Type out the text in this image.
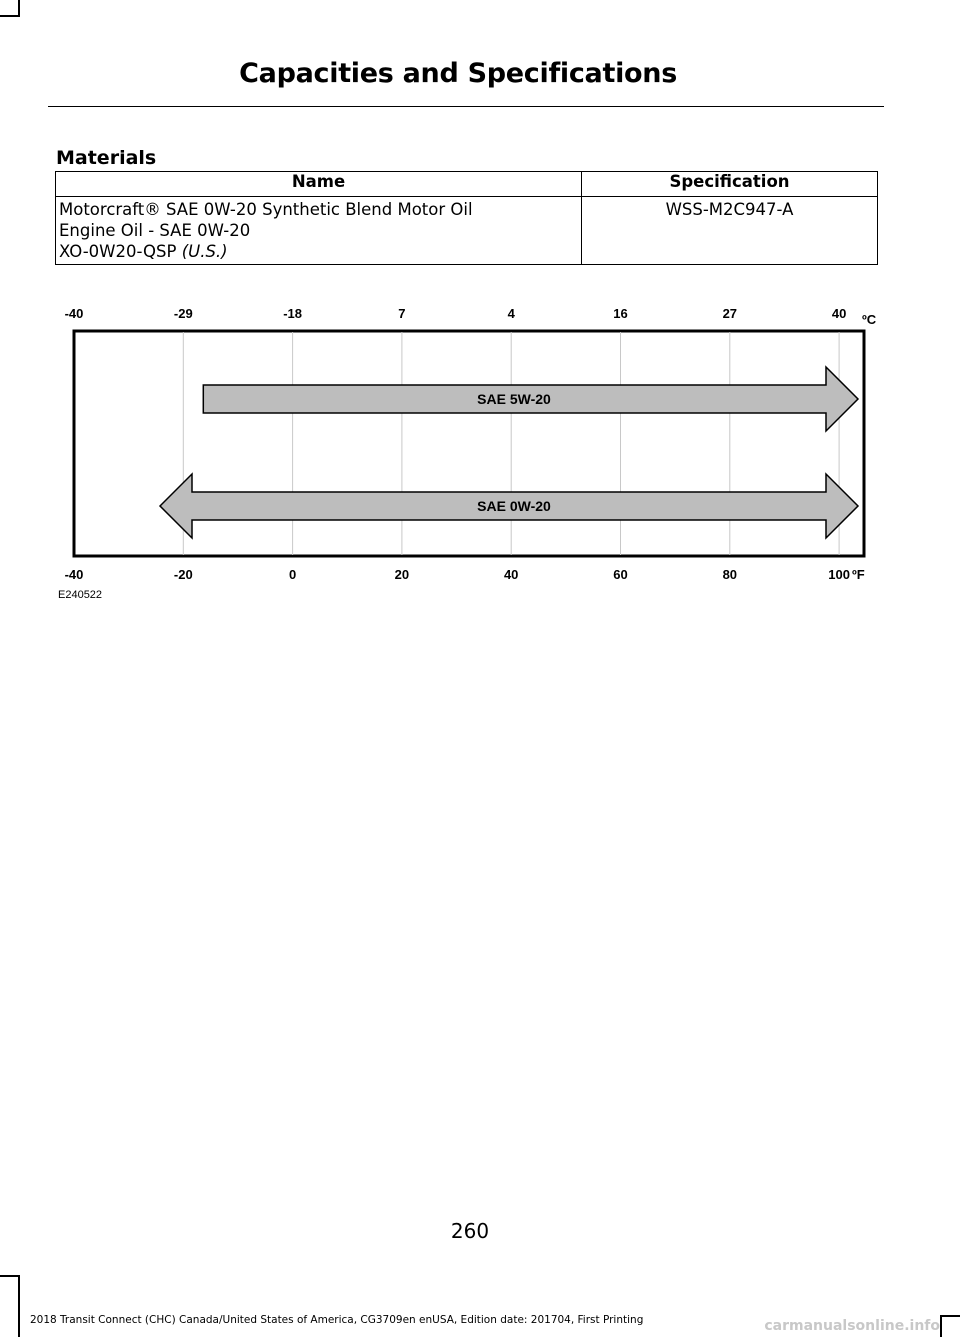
Capacities and Specifications
Materials
Name	Specification

Motorcraft® SAE 0W-20 Synthetic Blend Motor Oil
Engine Oil - SAE 0W-20
XO-0W20-QSP (U.S.)	WSS-M2C947-A
-40	-29	-18	7	4	16	27	40 ºC
-40	-20	0	20	40	60	80	100 ºF
E240522
SAE 5W-20
SAE 0W-20
260
2018 Transit Connect (CHC) Canada/United States of America, CG3709en enUSA, Edition date: 201704, First Printing	carmanualsonline.info
